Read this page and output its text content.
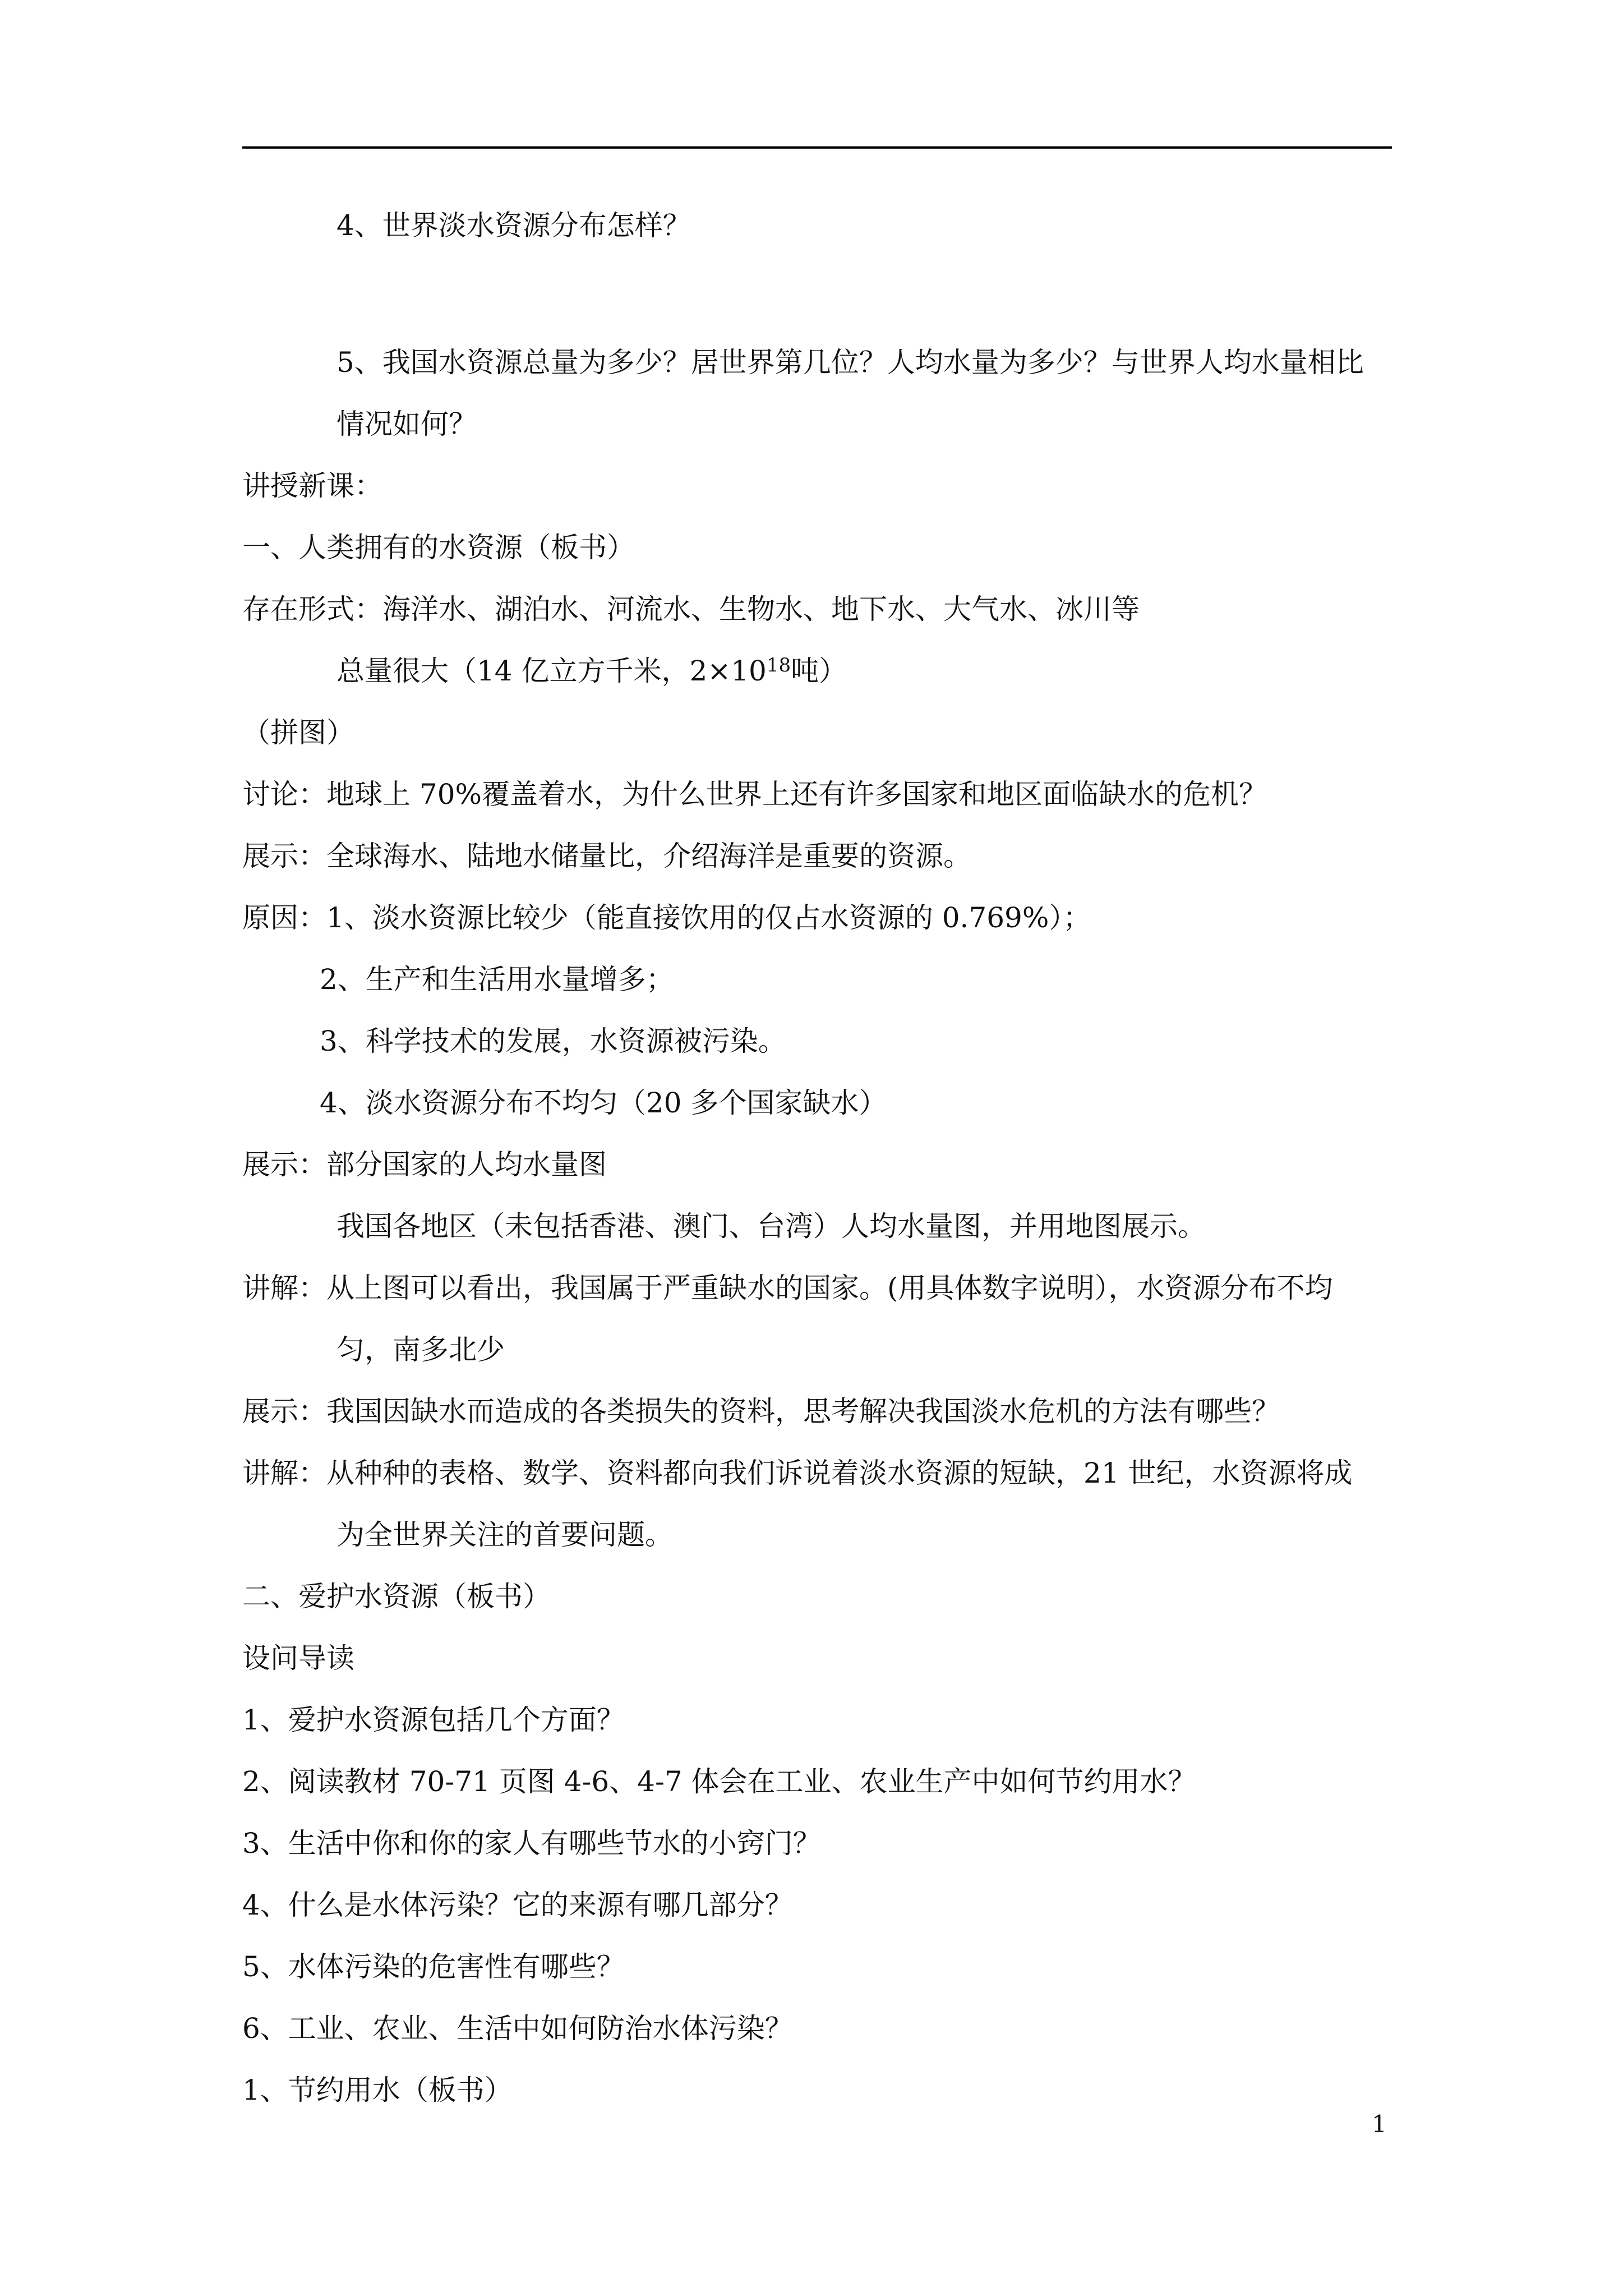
4、世界淡水资源分布怎样？
5、我国水资源总量为多少？居世界第几位？人均水量为多少？与世界人均水量相比
情况如何？
讲授新课：
一、人类拥有的水资源（板书）
存在形式：海洋水、湖泊水、河流水、生物水、地下水、大气水、冰川等
总量很大（14 亿立方千米，$2\times 10^{18}$吨）
（拼图）
讨论：地球上 70%覆盖着水，为什么世界上还有许多国家和地区面临缺水的危机？
展示：全球海水、陆地水储量比，介绍海洋是重要的资源。
原因：1、淡水资源比较少（能直接饮用的仅占水资源的 0.769%）；
2、生产和生活用水量增多；
3、科学技术的发展，水资源被污染。
4、淡水资源分布不均匀（20 多个国家缺水）
展示：部分国家的人均水量图
我国各地区（未包括香港、澳门、台湾）人均水量图，并用地图展示。
讲解：从上图可以看出，我国属于严重缺水的国家。(用具体数字说明），水资源分布不均
匀，南多北少
展示：我国因缺水而造成的各类损失的资料，思考解决我国淡水危机的方法有哪些？
讲解：从种种的表格、数学、资料都向我们诉说着淡水资源的短缺，21 世纪，水资源将成
为全世界关注的首要问题。
二、爱护水资源（板书）
设问导读
1、爱护水资源包括几个方面？
2、阅读教材 70-71 页图 4-6、4-7 体会在工业、农业生产中如何节约用水？
3、生活中你和你的家人有哪些节水的小窍门？
4、什么是水体污染？它的来源有哪几部分？
5、水体污染的危害性有哪些？
6、工业、农业、生活中如何防治水体污染？
1、节约用水（板书）
1
